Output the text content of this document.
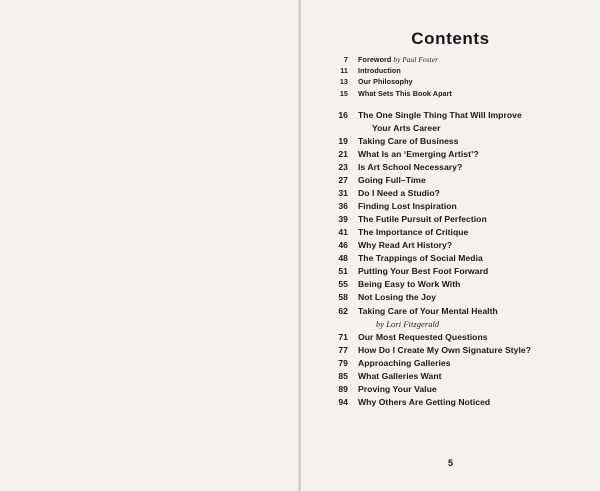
Contents
7 Foreword by Paul Foster
11 Introduction
13 Our Philosophy
15 What Sets This Book Apart
16 The One Single Thing That Will Improve
Your Arts Career
19 Taking Care of Business
21 What Is an ‘Emerging Artist’?
23 Is Art School Necessary?
27 Going Full–Time
31 Do I Need a Studio?
36 Finding Lost Inspiration
39 The Futile Pursuit of Perfection
41 The Importance of Critique
46 Why Read Art History?
48 The Trappings of Social Media
51 Putting Your Best Foot Forward
55 Being Easy to Work With
58 Not Losing the Joy
62 Taking Care of Your Mental Health
by Lori Fitzgerald
71 Our Most Requested Questions
77 How Do I Create My Own Signature Style?
79 Approaching Galleries
85 What Galleries Want
89 Proving Your Value
94 Why Others Are Getting Noticed
5
